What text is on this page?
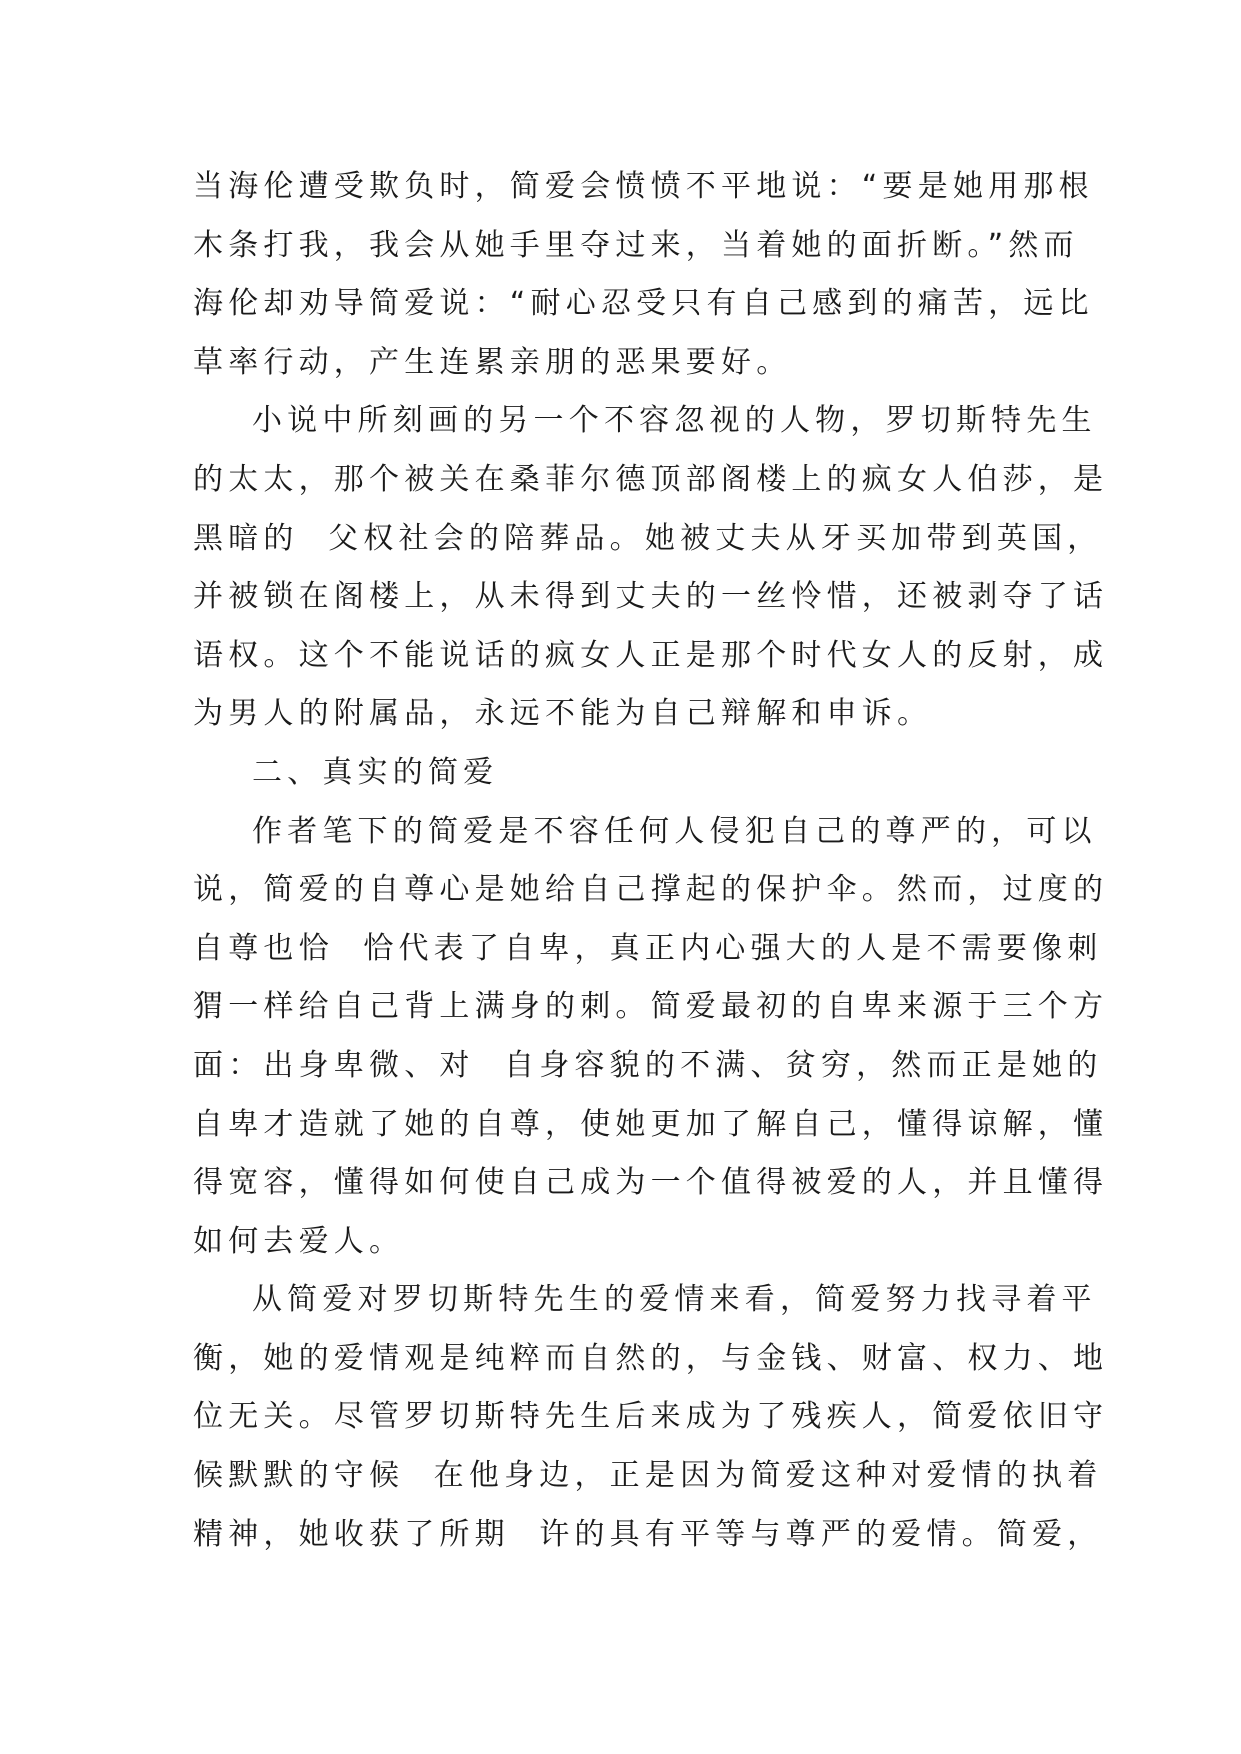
当海伦遭受欺负时，简爱会愤愤不平地说：“要是她用那根
木条打我，我会从她手里夺过来，当着她的面折断。”然而
海伦却劝导简爱说：“耐心忍受只有自己感到的痛苦，远比
草率行动，产生连累亲朋的恶果要好。
小说中所刻画的另一个不容忽视的人物，罗切斯特先生
的太太，那个被关在桑菲尔德顶部阁楼上的疯女人伯莎，是
黑暗的  父权社会的陪葬品。她被丈夫从牙买加带到英国，
并被锁在阁楼上，从未得到丈夫的一丝怜惜，还被剥夺了话
语权。这个不能说话的疯女人正是那个时代女人的反射，成
为男人的附属品，永远不能为自己辩解和申诉。
二、真实的简爱
作者笔下的简爱是不容任何人侵犯自己的尊严的，可以
说，简爱的自尊心是她给自己撑起的保护伞。然而，过度的
自尊也恰  恰代表了自卑，真正内心强大的人是不需要像刺
猬一样给自己背上满身的刺。简爱最初的自卑来源于三个方
面：出身卑微、对  自身容貌的不满、贫穷，然而正是她的
自卑才造就了她的自尊，使她更加了解自己，懂得谅解，懂
得宽容，懂得如何使自己成为一个值得被爱的人，并且懂得
如何去爱人。
从简爱对罗切斯特先生的爱情来看，简爱努力找寻着平
衡，她的爱情观是纯粹而自然的，与金钱、财富、权力、地
位无关。尽管罗切斯特先生后来成为了残疾人，简爱依旧守
候默默的守候  在他身边，正是因为简爱这种对爱情的执着
精神，她收获了所期  许的具有平等与尊严的爱情。简爱，
